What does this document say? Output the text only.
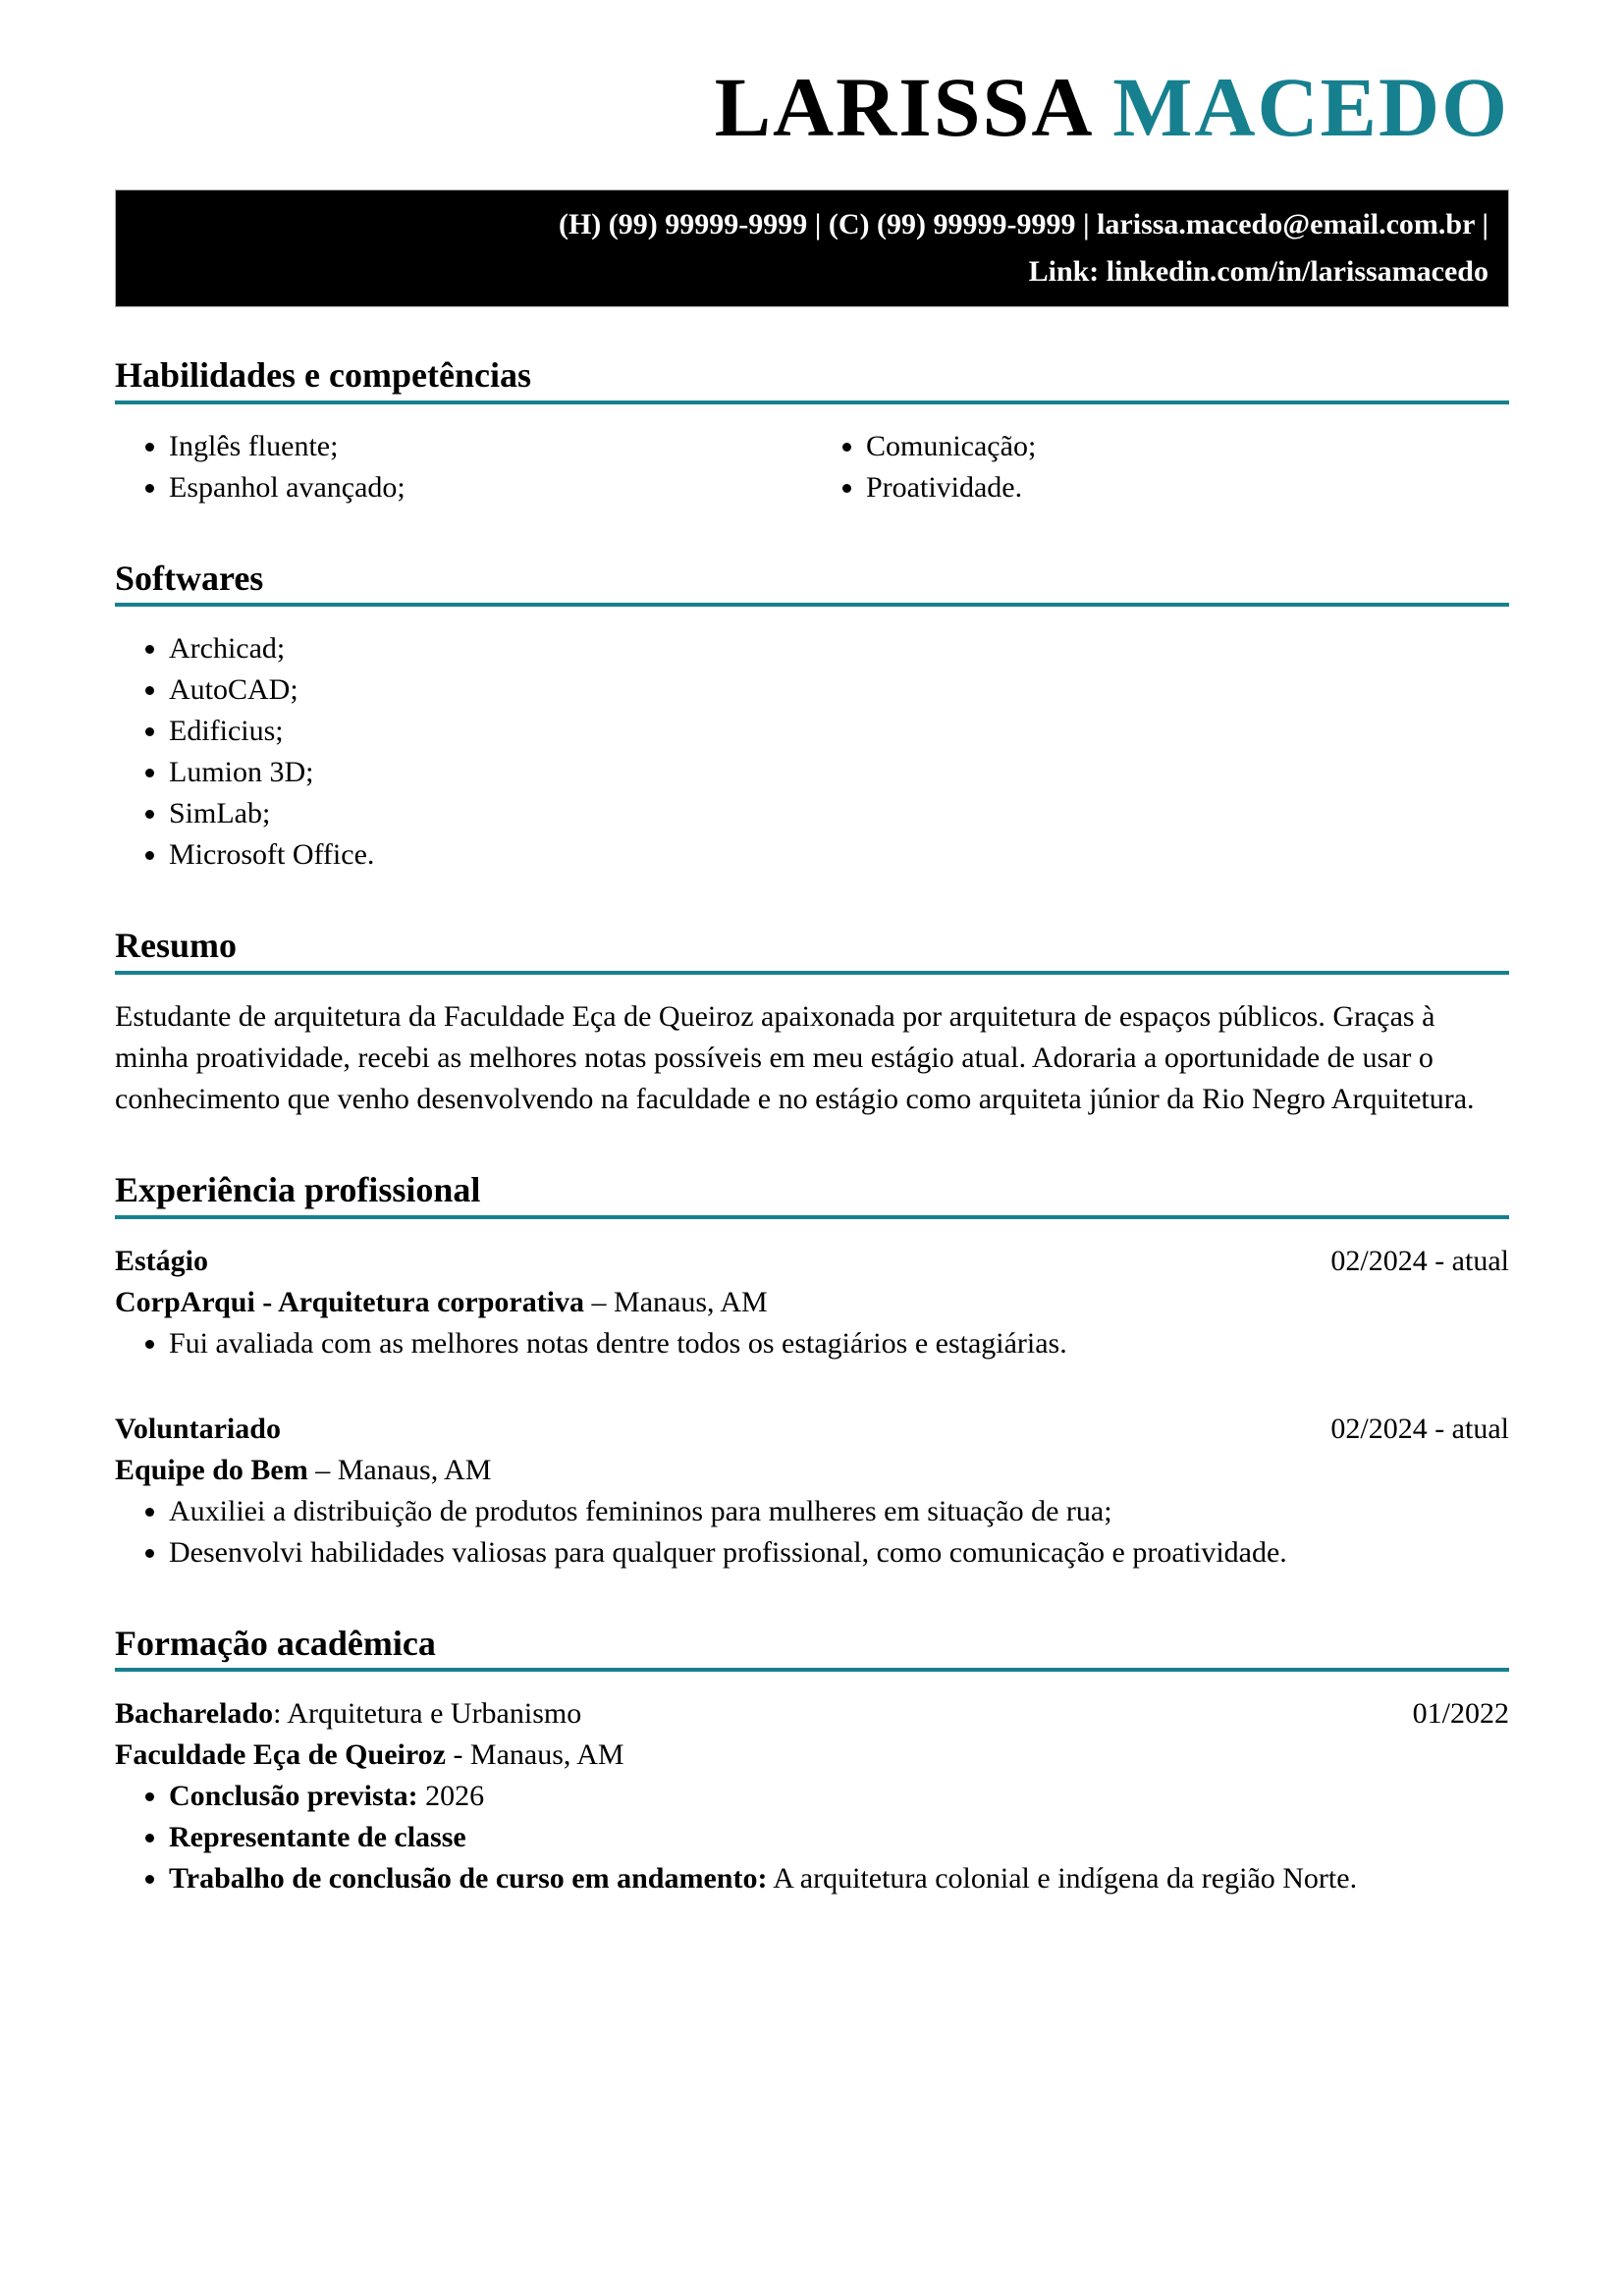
LARISSA MACEDO
(H) (99) 99999-9999 | (C) (99) 99999-9999 | larissa.macedo@email.com.br |
Link: linkedin.com/in/larissamacedo
Habilidades e competências
• Inglês fluente;
• Espanhol avançado;
• Comunicação;
• Proatividade.
Softwares
• Archicad;
• AutoCAD;
• Edificius;
• Lumion 3D;
• SimLab;
• Microsoft Office.
Resumo

Estudante de arquitetura da Faculdade Eça de Queiroz apaixonada por arquitetura de espaços públicos. Graças à minha proatividade, recebi as melhores notas possíveis em meu estágio atual. Adoraria a oportunidade de usar o conhecimento que venho desenvolvendo na faculdade e no estágio como arquiteta júnior da Rio Negro Arquitetura.

Experiência profissional
Estágio	02/2024 - atual
CorpArqui - Arquitetura corporativa – Manaus, AM
• Fui avaliada com as melhores notas dentre todos os estagiários e estagiárias.
Voluntariado	02/2024 - atual
Equipe do Bem – Manaus, AM
• Auxiliei a distribuição de produtos femininos para mulheres em situação de rua;
• Desenvolvi habilidades valiosas para qualquer profissional, como comunicação e proatividade.
Formação acadêmica
Bacharelado: Arquitetura e Urbanismo	01/2022
Faculdade Eça de Queiroz - Manaus, AM
• Conclusão prevista: 2026
• Representante de classe
• Trabalho de conclusão de curso em andamento: A arquitetura colonial e indígena da região Norte.
